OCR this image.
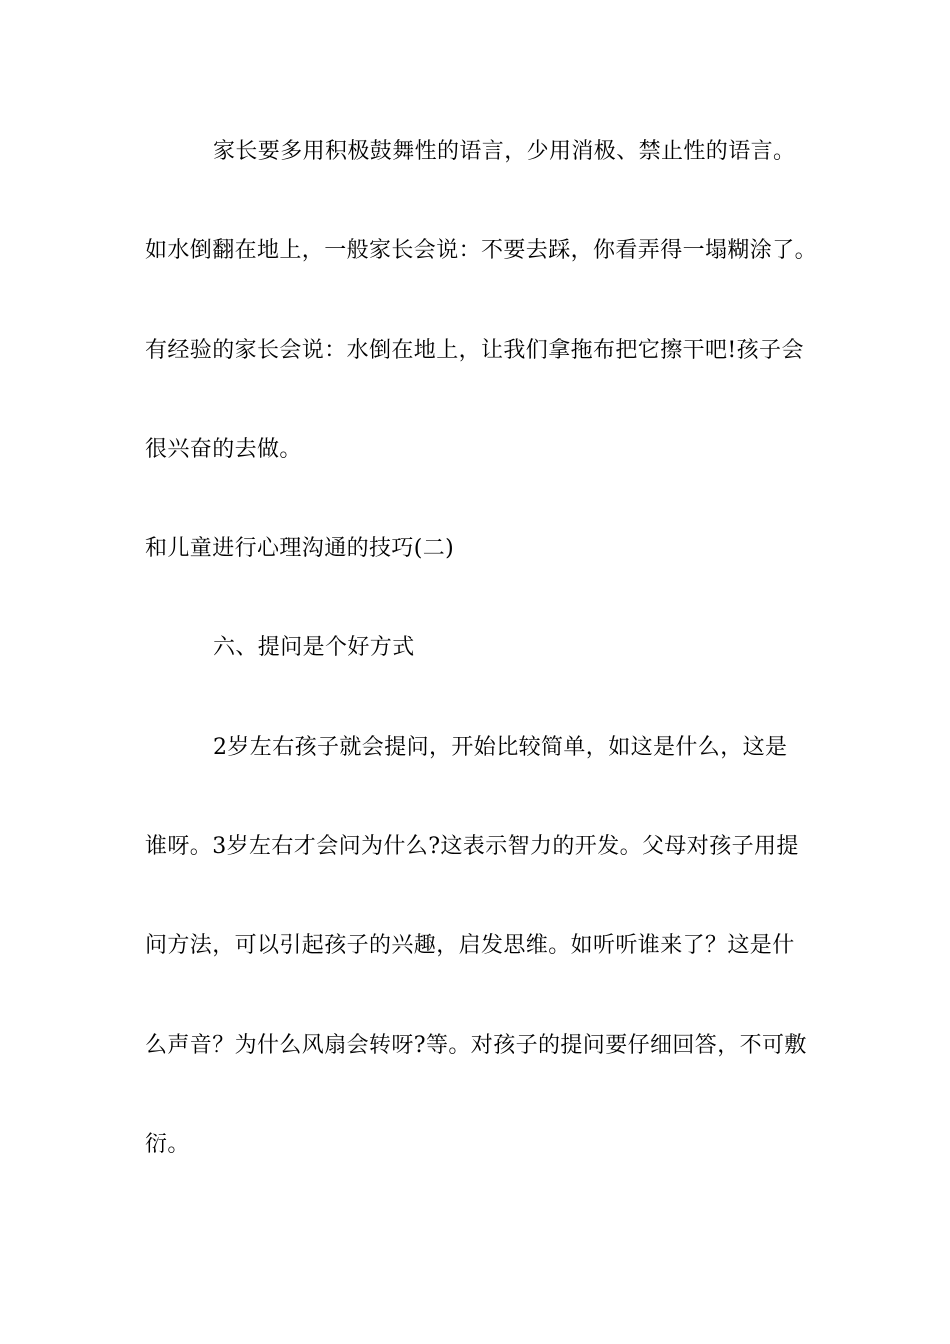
家长要多用积极鼓舞性的语言，少用消极、禁止性的语言。
如水倒翻在地上，一般家长会说：不要去踩，你看弄得一塌糊涂了。
有经验的家长会说：水倒在地上，让我们拿拖布把它擦干吧!孩子会
很兴奋的去做。
和儿童进行心理沟通的技巧(二)
六、提问是个好方式
2岁左右孩子就会提问，开始比较简单，如这是什么，这是
谁呀。3岁左右才会问为什么?这表示智力的开发。父母对孩子用提
问方法，可以引起孩子的兴趣，启发思维。如听听谁来了？这是什
么声音？为什么风扇会转呀?等。对孩子的提问要仔细回答，不可敷
衍。
